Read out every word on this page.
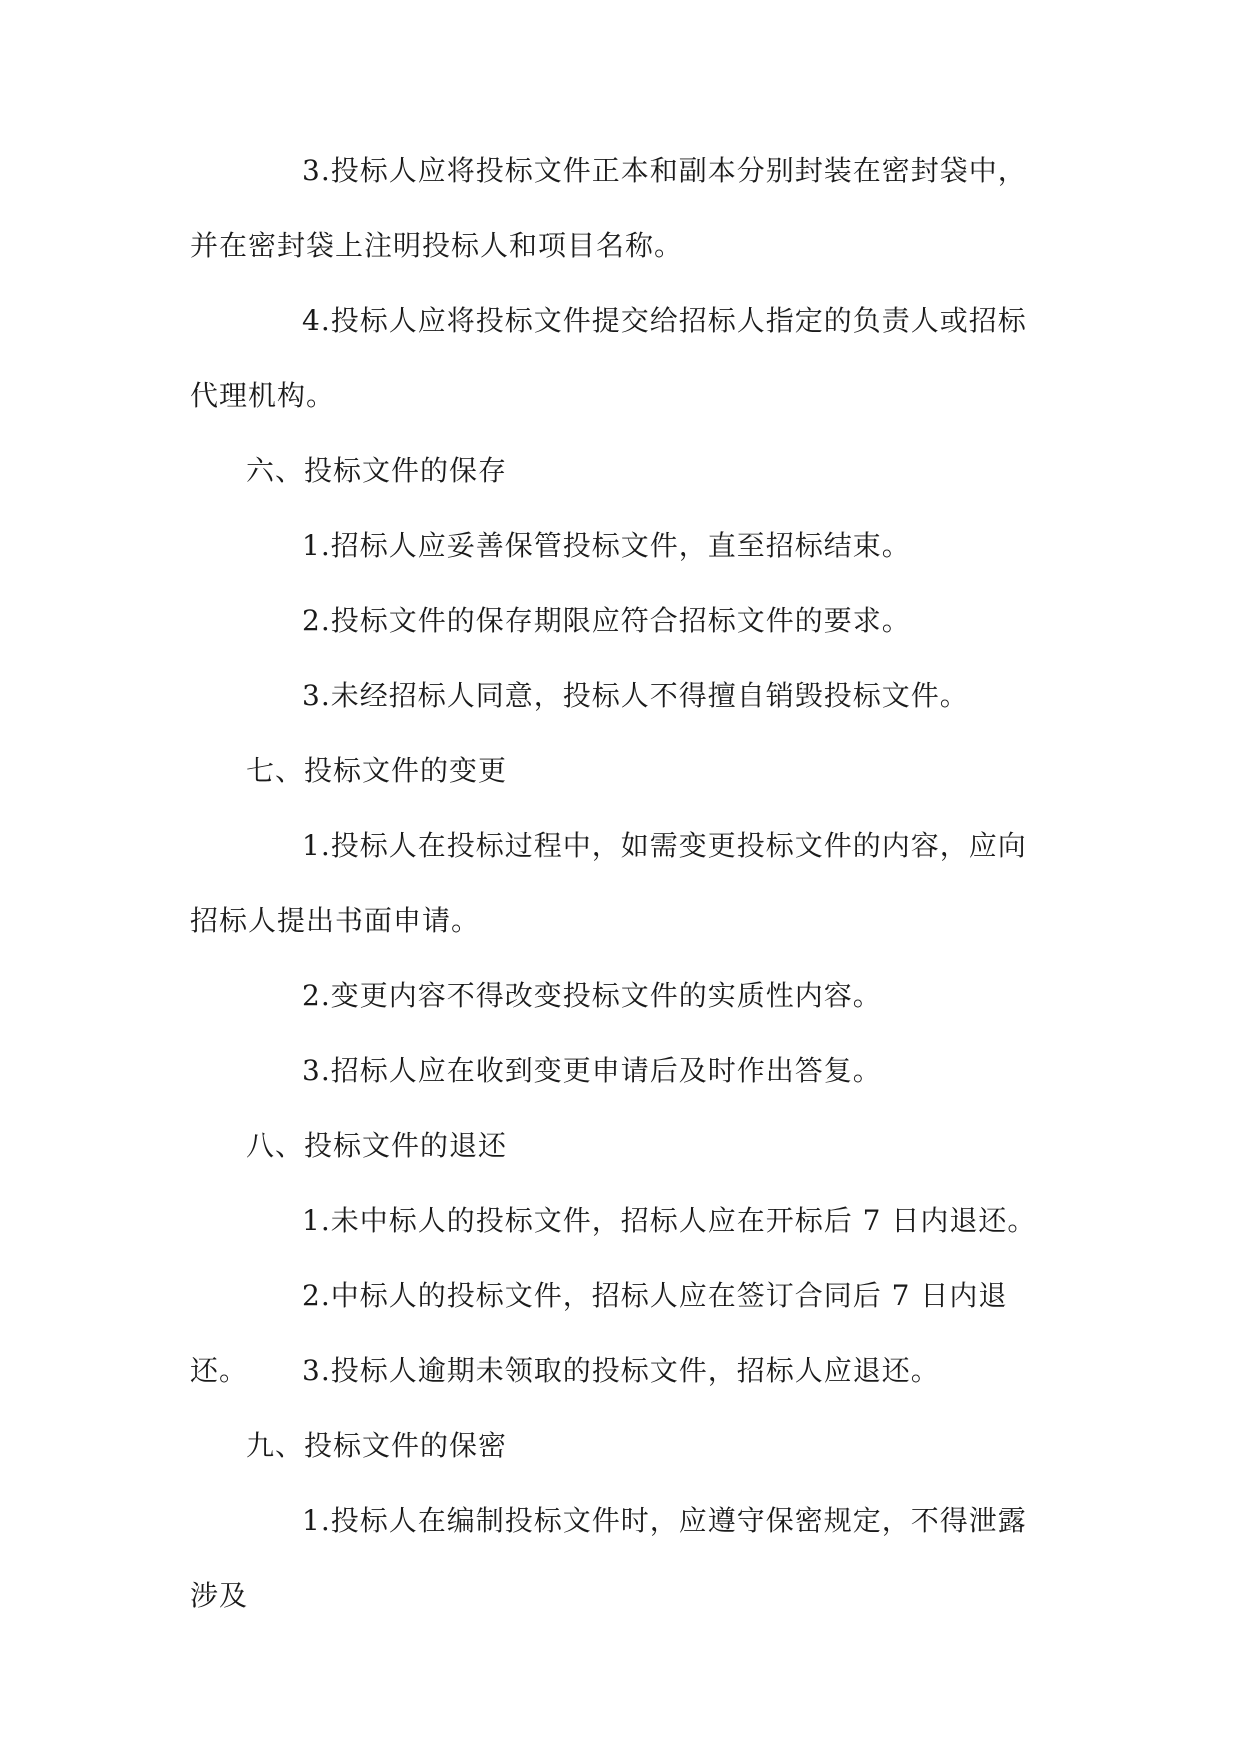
3.投标人应将投标文件正本和副本分别封装在密封袋中，并在密封袋上注明投标人和项目名称。

4.投标人应将投标文件提交给招标人指定的负责人或招标代理机构。

六、投标文件的保存

1.招标人应妥善保管投标文件，直至招标结束。

2.投标文件的保存期限应符合招标文件的要求。

3.未经招标人同意，投标人不得擅自销毁投标文件。

七、投标文件的变更

1.投标人在投标过程中，如需变更投标文件的内容，应向招标人提出书面申请。

2.变更内容不得改变投标文件的实质性内容。

3.招标人应在收到变更申请后及时作出答复。

八、投标文件的退还

1.未中标人的投标文件，招标人应在开标后 7 日内退还。

2.中标人的投标文件，招标人应在签订合同后 7 日内退还。	3.投标人逾期未领取的投标文件，招标人应退还。

九、投标文件的保密

1.投标人在编制投标文件时，应遵守保密规定，不得泄露涉及
